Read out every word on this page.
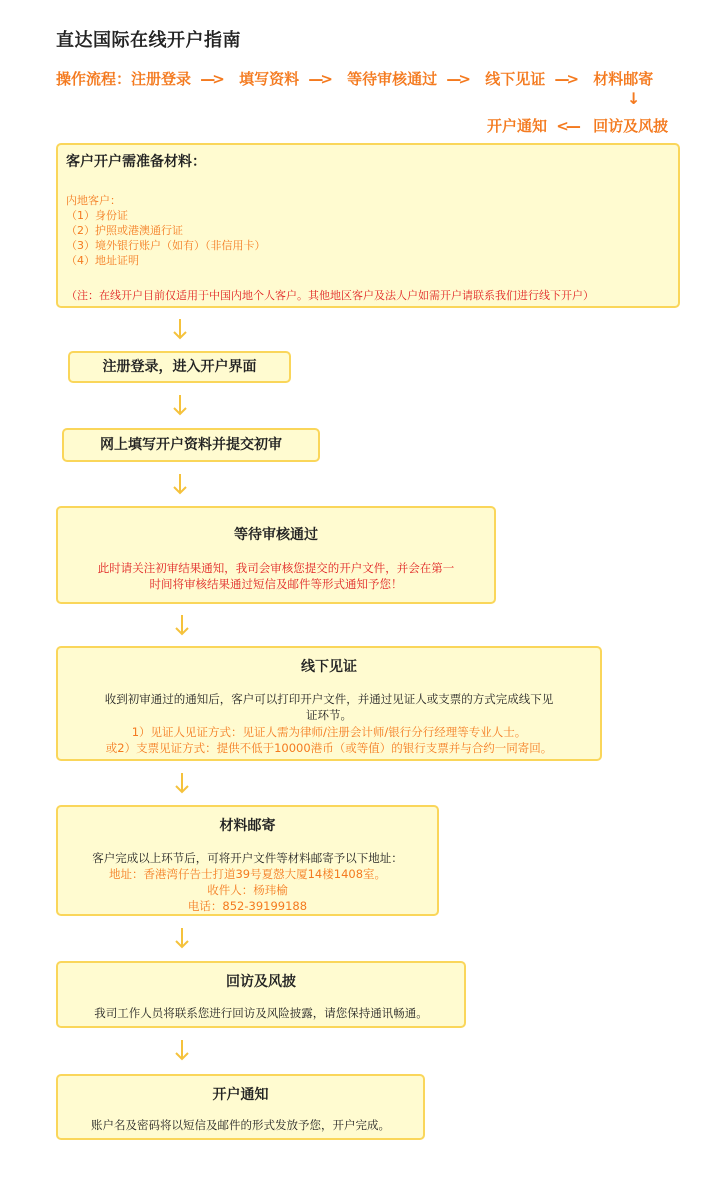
直达国际在线开户指南
操作流程：注册登录 —> 填写资料 —> 等待审核通过 —> 线下见证 —> 材料邮寄
↓
开户通知 <— 回访及风披
客户开户需准备材料：
内地客户：
（1）身份证
（2）护照或港澳通行证
（3）境外银行账户（如有）（非信用卡）
（4）地址证明
（注：在线开户目前仅适用于中国内地个人客户。其他地区客户及法人户如需开户请联系我们进行线下开户）
注册登录，进入开户界面
网上填写开户资料并提交初审
等待审核通过
此时请关注初审结果通知，我司会审核您提交的开户文件，并会在第一
时间将审核结果通过短信及邮件等形式通知予您！
线下见证
收到初审通过的通知后，客户可以打印开户文件，并通过见证人或支票的方式完成线下见
证环节。
1）见证人见证方式：见证人需为律师/注册会计师/银行分行经理等专业人士。
或2）支票见证方式：提供不低于10000港币（或等值）的银行支票并与合约一同寄回。
材料邮寄
客户完成以上环节后，可将开户文件等材料邮寄予以下地址：
地址：香港湾仔告士打道39号夏慤大厦14楼1408室。
收件人：杨玮榆
电话：852-39199188
回访及风披
我司工作人员将联系您进行回访及风险披露，请您保持通讯畅通。
开户通知
账户名及密码将以短信及邮件的形式发放予您，开户完成。
